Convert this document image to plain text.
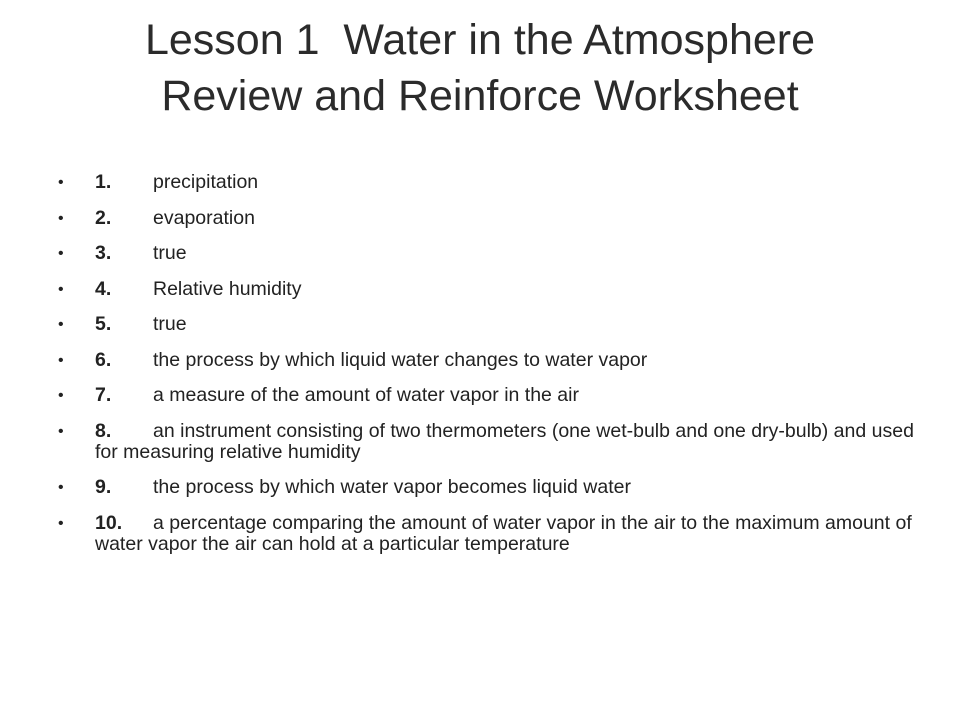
Lesson 1  Water in the Atmosphere
Review and Reinforce Worksheet
•	1. precipitation
•	2. evaporation
•	3. true
•	4. Relative humidity
•	5. true
•	6. the process by which liquid water changes to water vapor
•	7. a measure of the amount of water vapor in the air
•	8. an instrument consisting of two thermometers (one wet-bulb and one dry-bulb) and used for measuring relative humidity
•	9. the process by which water vapor becomes liquid water
•	10. a percentage comparing the amount of water vapor in the air to the maximum amount of water vapor the air can hold at a particular temperature
